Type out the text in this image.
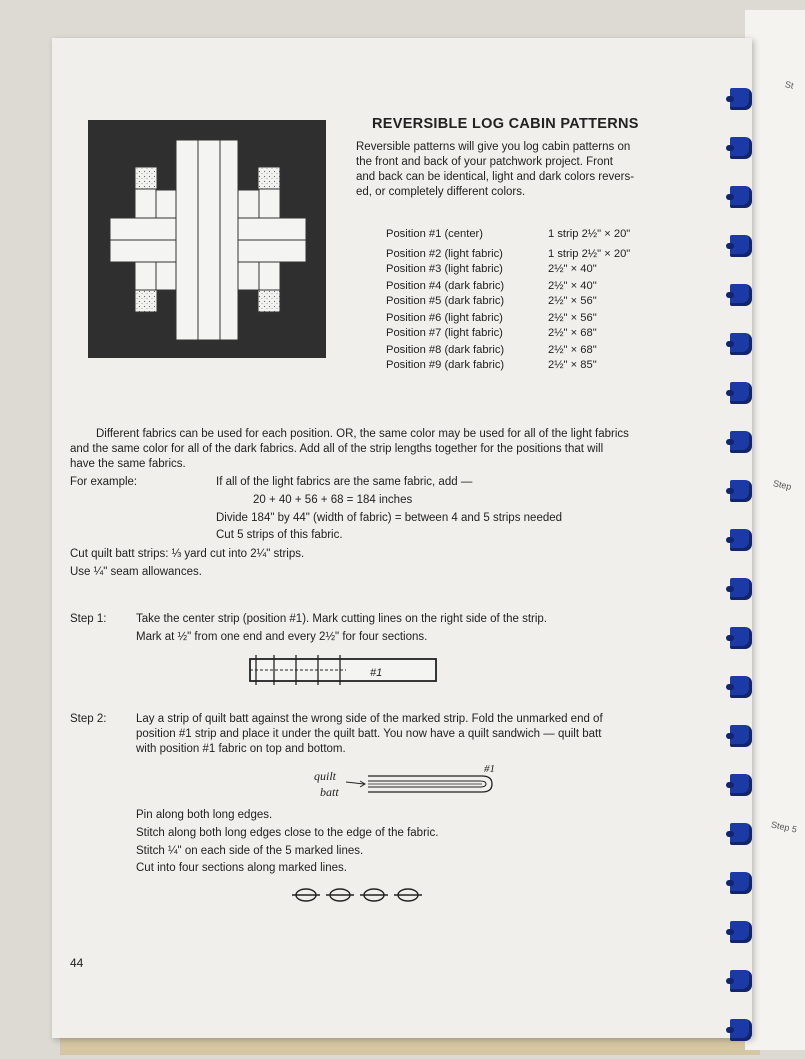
St
Step
Step 5
REVERSIBLE LOG CABIN PATTERNS
Reversible patterns will give you log cabin patterns on
the front and back of your patchwork project. Front
and back can be identical, light and dark colors revers-
ed, or completely different colors.
Position #1 (center)	1 strip 2½" × 20"
Position #2 (light fabric)	1 strip 2½" × 20"
Position #3 (light fabric)	2½" × 40"
Position #4 (dark fabric)	2½" × 40"
Position #5 (dark fabric)	2½" × 56"
Position #6 (light fabric)	2½" × 56"
Position #7 (light fabric)	2½" × 68"
Position #8 (dark fabric)	2½" × 68"
Position #9 (dark fabric)	2½" × 85"
Different fabrics can be used for each position. OR, the same color may be used for all of the light fabrics
and the same color for all of the dark fabrics. Add all of the strip lengths together for the positions that will
have the same fabrics.
For example:	If all of the light fabrics are the same fabric, add —
20 + 40 + 56 + 68 = 184 inches
Divide 184" by 44" (width of fabric) = between 4 and 5 strips needed
Cut 5 strips of this fabric.
Cut quilt batt strips: ⅓ yard cut into 2¼" strips.
Use ¼" seam allowances.
Step 1:	Take the center strip (position #1). Mark cutting lines on the right side of the strip.
Mark at ½" from one end and every 2½" for four sections.
#1
Step 2:	Lay a strip of quilt batt against the wrong side of the marked strip. Fold the unmarked end of
position #1 strip and place it under the quilt batt. You now have a quilt sandwich — quilt batt
with position #1 fabric on top and bottom.
quilt
batt
#1
Pin along both long edges.
Stitch along both long edges close to the edge of the fabric.
Stitch ¼" on each side of the 5 marked lines.
Cut into four sections along marked lines.
44
